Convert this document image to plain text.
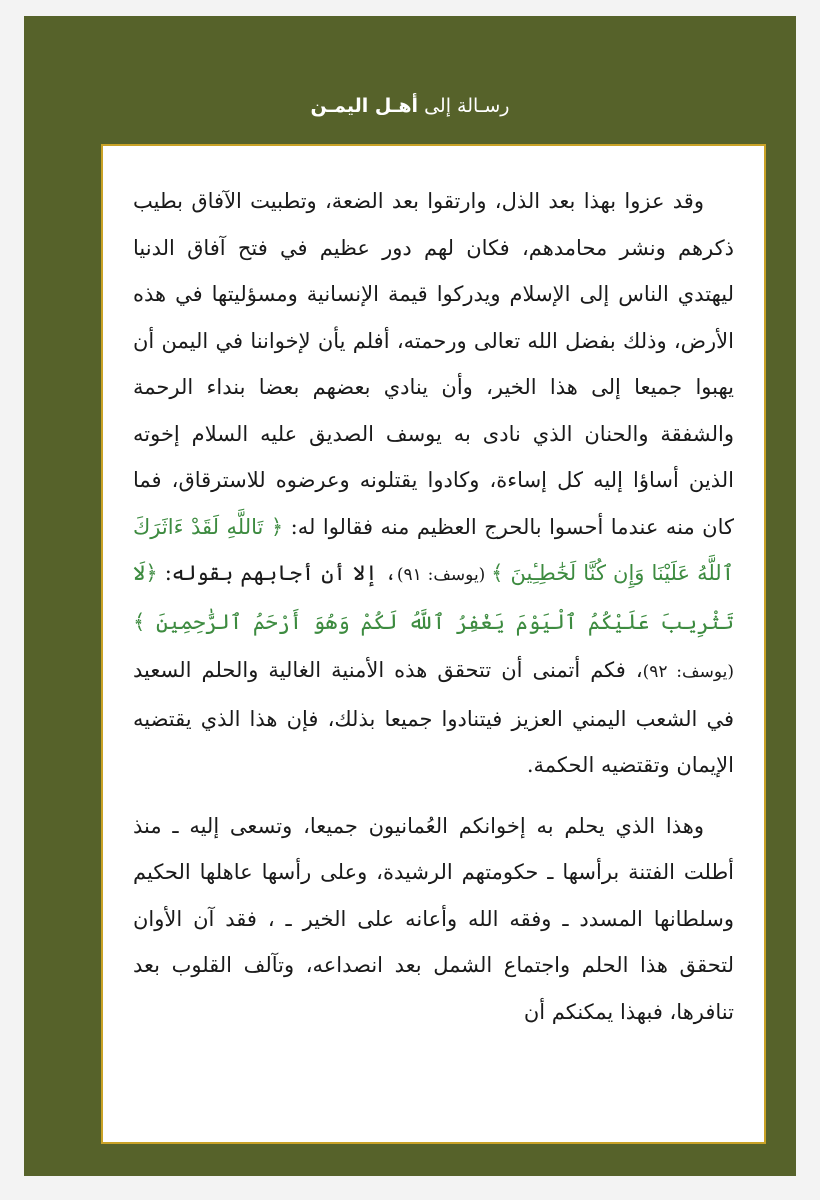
رسـالة إلى أهـل اليمـن

وقد عزوا بهذا بعد الذل، وارتقوا بعد الضعة، وتطبيت الآفاق بطيب ذكرهم ونشر محامدهم، فكان لهم دور عظيم في فتح آفاق الدنيا ليهتدي الناس إلى الإسلام ويدركوا قيمة الإنسانية ومسؤليتها في هذه الأرض، وذلك بفضل الله تعالى ورحمته، أفلم يأن لإخواننا في اليمن أن يهبوا جميعا إلى هذا الخير، وأن ينادي بعضهم بعضا بنداء الرحمة والشفقة والحنان الذي نادى به يوسف الصديق عليه السلام إخوته الذين أساؤا إليه كل إساءة، وكادوا يقتلونه وعرضوه للاسترقاق، فما كان منه عندما أحسوا بالحرج العظيم منه فقالوا له: ﴿ تَاللَّهِ لَقَدْ ءَاثَرَكَ ٱللَّهُ عَلَيْنَا وَإِن كُنَّا لَخَٰطِـِٔينَ ﴾ (يوسف: ٩١)، إلا أن أجابهم بقوله: ﴿لَا تَثْرِيبَ عَلَيْكُمُ ٱلْيَوْمَ يَغْفِرُ ٱللَّهُ لَكُمْ وَهُوَ أَرْحَمُ ٱلرَّٰحِمِينَ ﴾ (يوسف: ٩٢)، فكم أتمنى أن تتحقق هذه الأمنية الغالية والحلم السعيد في الشعب اليمني العزيز فيتنادوا جميعا بذلك، فإن هذا الذي يقتضيه الإيمان وتقتضيه الحكمة.

وهذا الذي يحلم به إخوانكم العُمانيون جميعا، وتسعى إليه ـ منذ أطلت الفتنة برأسها ـ حكومتهم الرشيدة، وعلى رأسها عاهلها الحكيم وسلطانها المسدد ـ وفقه الله وأعانه على الخير ـ ، فقد آن الأوان لتحقق هذا الحلم واجتماع الشمل بعد انصداعه، وتآلف القلوب بعد تنافرها، فبهذا يمكنكم أن
